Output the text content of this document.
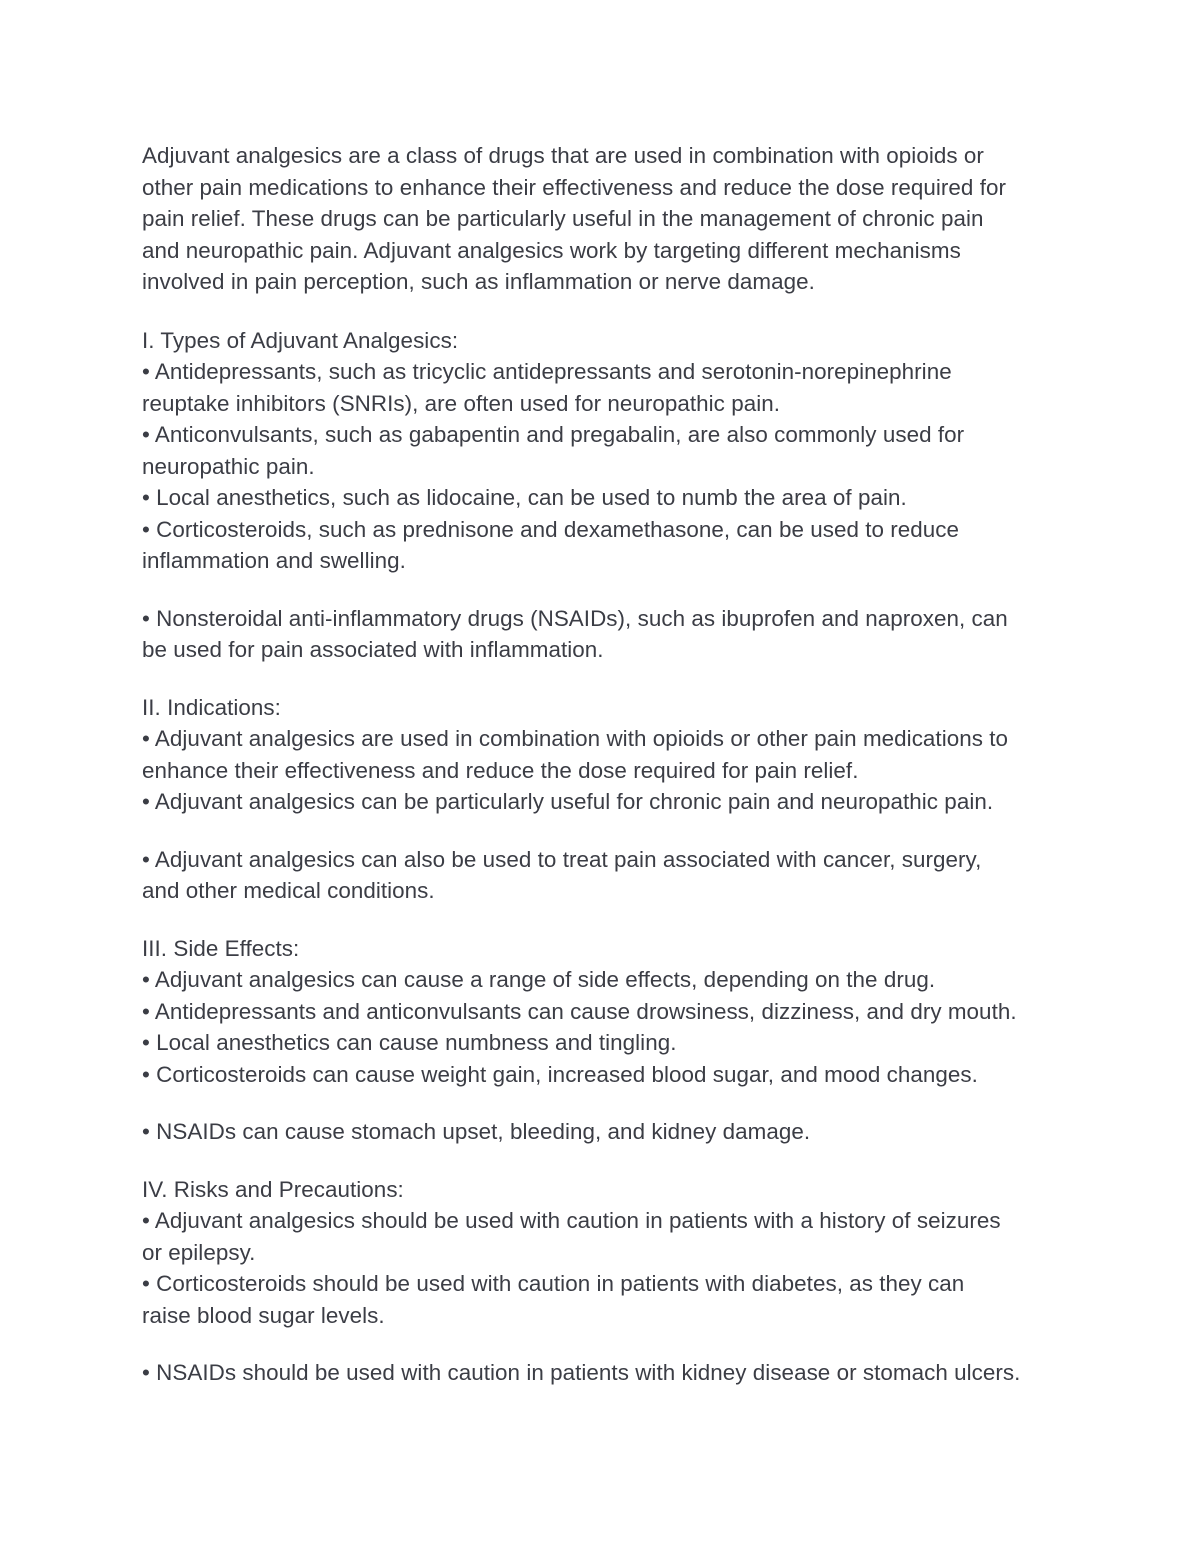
Adjuvant analgesics are a class of drugs that are used in combination with opioids or

other pain medications to enhance their effectiveness and reduce the dose required for

pain relief. These drugs can be particularly useful in the management of chronic pain

and neuropathic pain. Adjuvant analgesics work by targeting different mechanisms

involved in pain perception, such as inflammation or nerve damage.

I. Types of Adjuvant Analgesics:

• Antidepressants, such as tricyclic antidepressants and serotonin-norepinephrine

reuptake inhibitors (SNRIs), are often used for neuropathic pain.

• Anticonvulsants, such as gabapentin and pregabalin, are also commonly used for

neuropathic pain.

• Local anesthetics, such as lidocaine, can be used to numb the area of pain.

• Corticosteroids, such as prednisone and dexamethasone, can be used to reduce

inflammation and swelling.

• Nonsteroidal anti-inflammatory drugs (NSAIDs), such as ibuprofen and naproxen, can

be used for pain associated with inflammation.

II. Indications:

• Adjuvant analgesics are used in combination with opioids or other pain medications to

enhance their effectiveness and reduce the dose required for pain relief.

• Adjuvant analgesics can be particularly useful for chronic pain and neuropathic pain.

• Adjuvant analgesics can also be used to treat pain associated with cancer, surgery,

and other medical conditions.

III. Side Effects:

• Adjuvant analgesics can cause a range of side effects, depending on the drug.

• Antidepressants and anticonvulsants can cause drowsiness, dizziness, and dry mouth.

• Local anesthetics can cause numbness and tingling.

• Corticosteroids can cause weight gain, increased blood sugar, and mood changes.

• NSAIDs can cause stomach upset, bleeding, and kidney damage.

IV. Risks and Precautions:

• Adjuvant analgesics should be used with caution in patients with a history of seizures

or epilepsy.

• Corticosteroids should be used with caution in patients with diabetes, as they can

raise blood sugar levels.

• NSAIDs should be used with caution in patients with kidney disease or stomach ulcers.
